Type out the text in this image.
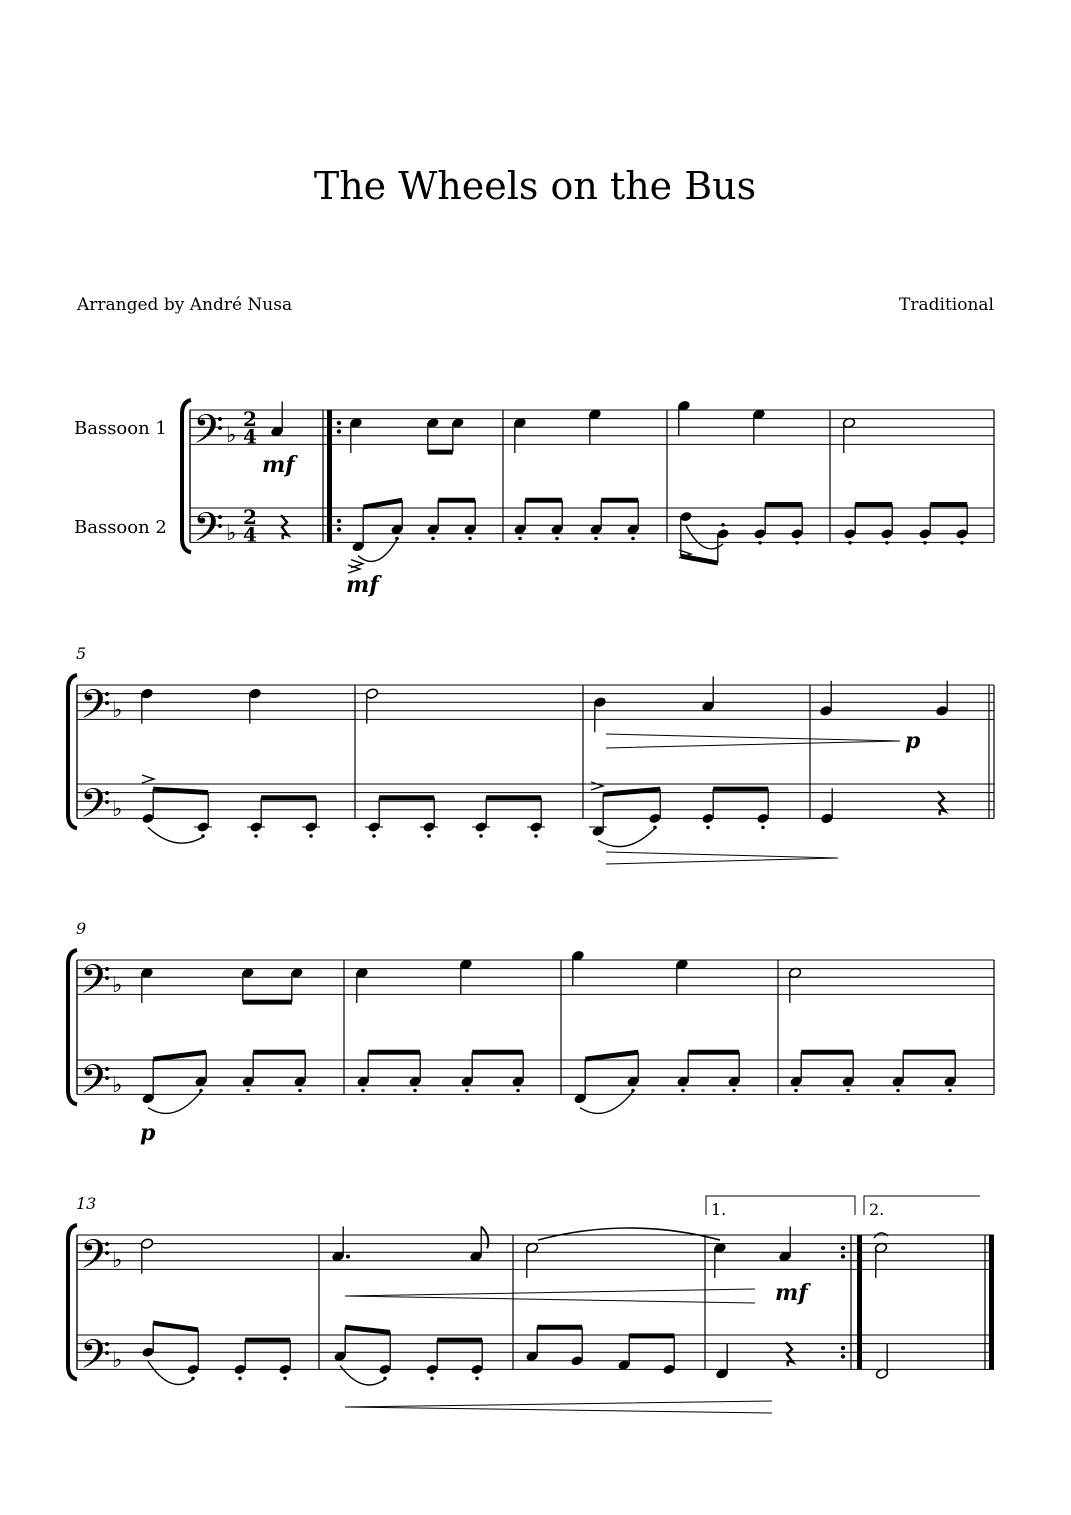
The Wheels on the Bus
Arranged by André Nusa	Traditional
Bassoon 1
Bassoon 2
5
9
13
𝄢
𝄢
♭
♭
2
4
2
4
mf
mf
𝄢
𝄢
♭
♭
p
𝄢
𝄢
♭
♭
p
𝄢
𝄢
♭
♭
mf
1.	2.
